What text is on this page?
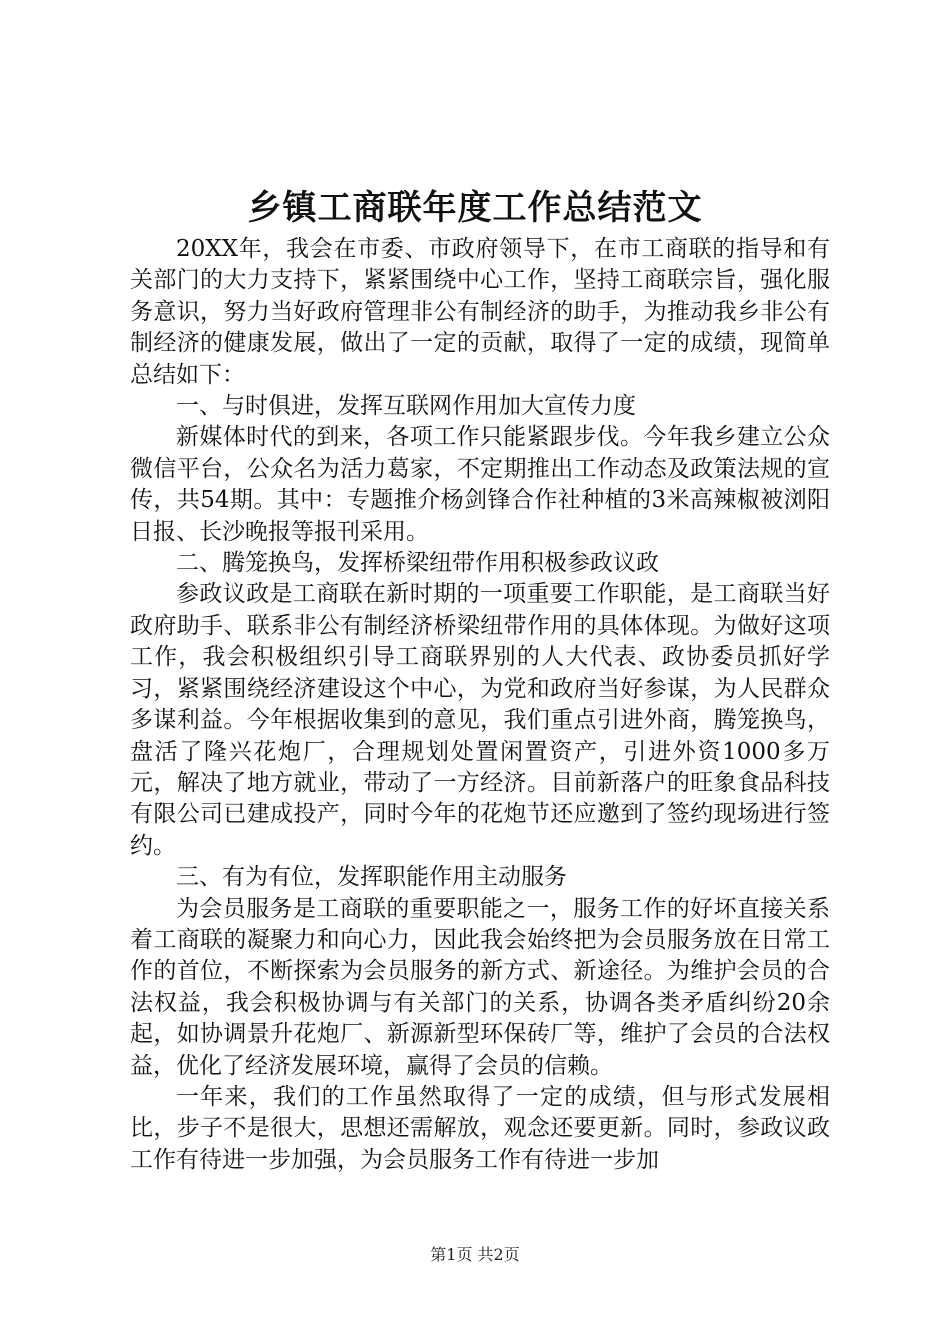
乡镇工商联年度工作总结范文

20XX年，我会在市委、市政府领导下，在市工商联的指导和有关部门的大力支持下，紧紧围绕中心工作，坚持工商联宗旨，强化服务意识，努力当好政府管理非公有制经济的助手，为推动我乡非公有制经济的健康发展，做出了一定的贡献，取得了一定的成绩，现简单总结如下：

一、与时俱进，发挥互联网作用加大宣传力度

新媒体时代的到来，各项工作只能紧跟步伐。今年我乡建立公众微信平台，公众名为活力葛家，不定期推出工作动态及政策法规的宣传，共54期。其中：专题推介杨剑锋合作社种植的3米高辣椒被浏阳日报、长沙晚报等报刊采用。

二、腾笼换鸟，发挥桥梁纽带作用积极参政议政

参政议政是工商联在新时期的一项重要工作职能，是工商联当好政府助手、联系非公有制经济桥梁纽带作用的具体体现。为做好这项工作，我会积极组织引导工商联界别的人大代表、政协委员抓好学习，紧紧围绕经济建设这个中心，为党和政府当好参谋，为人民群众多谋利益。今年根据收集到的意见，我们重点引进外商，腾笼换鸟，盘活了隆兴花炮厂，合理规划处置闲置资产，引进外资1000多万元，解决了地方就业，带动了一方经济。目前新落户的旺象食品科技有限公司已建成投产，同时今年的花炮节还应邀到了签约现场进行签约。

三、有为有位，发挥职能作用主动服务

为会员服务是工商联的重要职能之一，服务工作的好坏直接关系着工商联的凝聚力和向心力，因此我会始终把为会员服务放在日常工作的首位，不断探索为会员服务的新方式、新途径。为维护会员的合法权益，我会积极协调与有关部门的关系，协调各类矛盾纠纷20余起，如协调景升花炮厂、新源新型环保砖厂等，维护了会员的合法权益，优化了经济发展环境，赢得了会员的信赖。

一年来，我们的工作虽然取得了一定的成绩，但与形式发展相比，步子不是很大，思想还需解放，观念还要更新。同时，参政议政工作有待进一步加强，为会员服务工作有待进一步加

第1页 共2页
